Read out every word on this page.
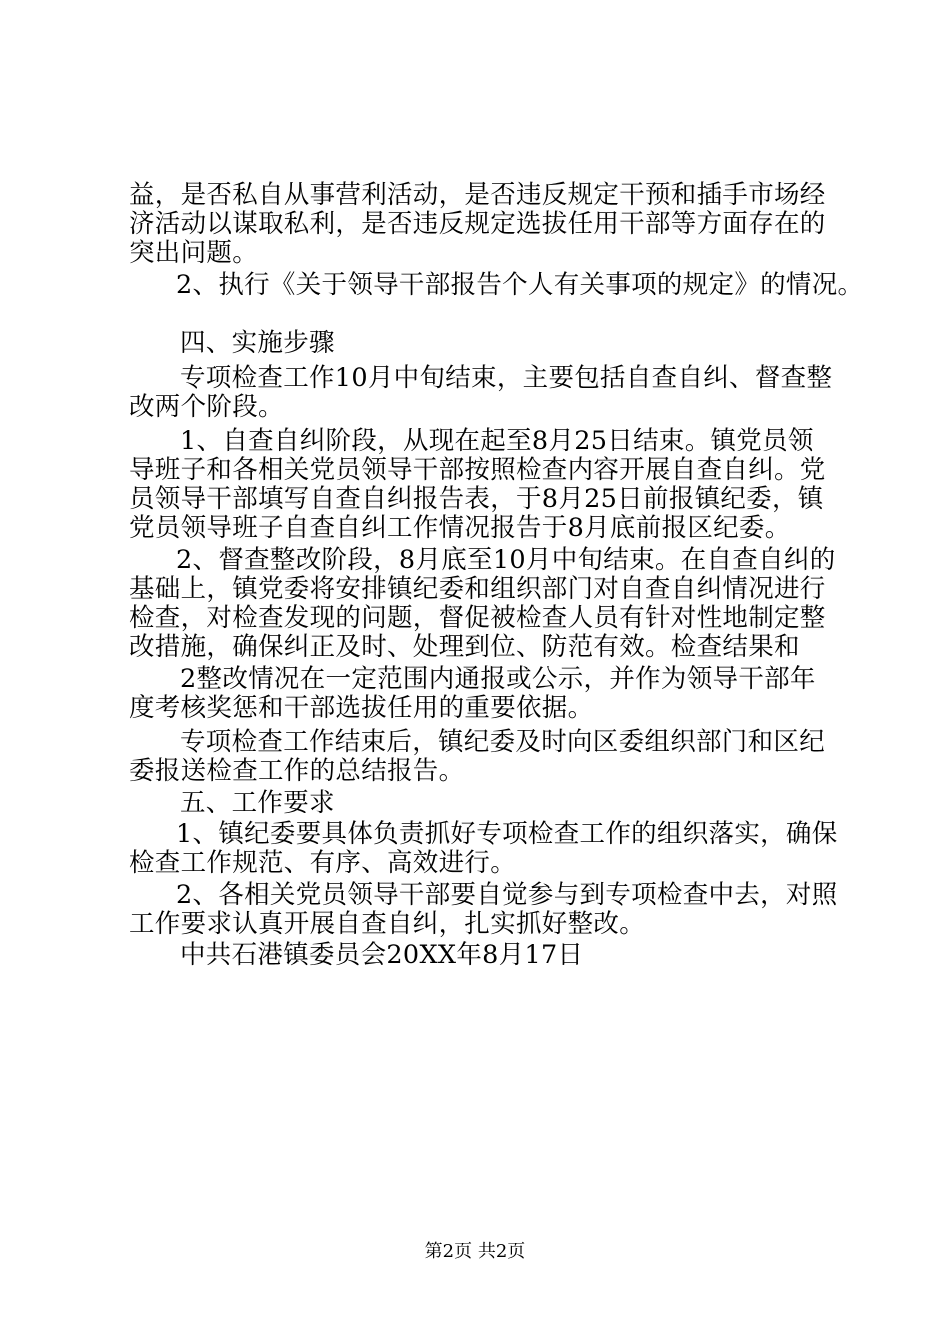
益，是否私自从事营利活动，是否违反规定干预和插手市场经
济活动以谋取私利，是否违反规定选拔任用干部等方面存在的
突出问题。
2、执行《关于领导干部报告个人有关事项的规定》的情况。
四、实施步骤
专项检查工作10月中旬结束，主要包括自查自纠、督查整
改两个阶段。
1、自查自纠阶段，从现在起至8月25日结束。镇党员领
导班子和各相关党员领导干部按照检查内容开展自查自纠。党
员领导干部填写自查自纠报告表，于8月25日前报镇纪委，镇
党员领导班子自查自纠工作情况报告于8月底前报区纪委。
2、督查整改阶段，8月底至10月中旬结束。在自查自纠的
基础上，镇党委将安排镇纪委和组织部门对自查自纠情况进行
检查，对检查发现的问题，督促被检查人员有针对性地制定整
改措施，确保纠正及时、处理到位、防范有效。检查结果和
2整改情况在一定范围内通报或公示，并作为领导干部年
度考核奖惩和干部选拔任用的重要依据。
专项检查工作结束后，镇纪委及时向区委组织部门和区纪
委报送检查工作的总结报告。
五、工作要求
1、镇纪委要具体负责抓好专项检查工作的组织落实，确保
检查工作规范、有序、高效进行。
2、各相关党员领导干部要自觉参与到专项检查中去，对照
工作要求认真开展自查自纠，扎实抓好整改。
中共石港镇委员会20XX年8月17日
第2页 共2页
